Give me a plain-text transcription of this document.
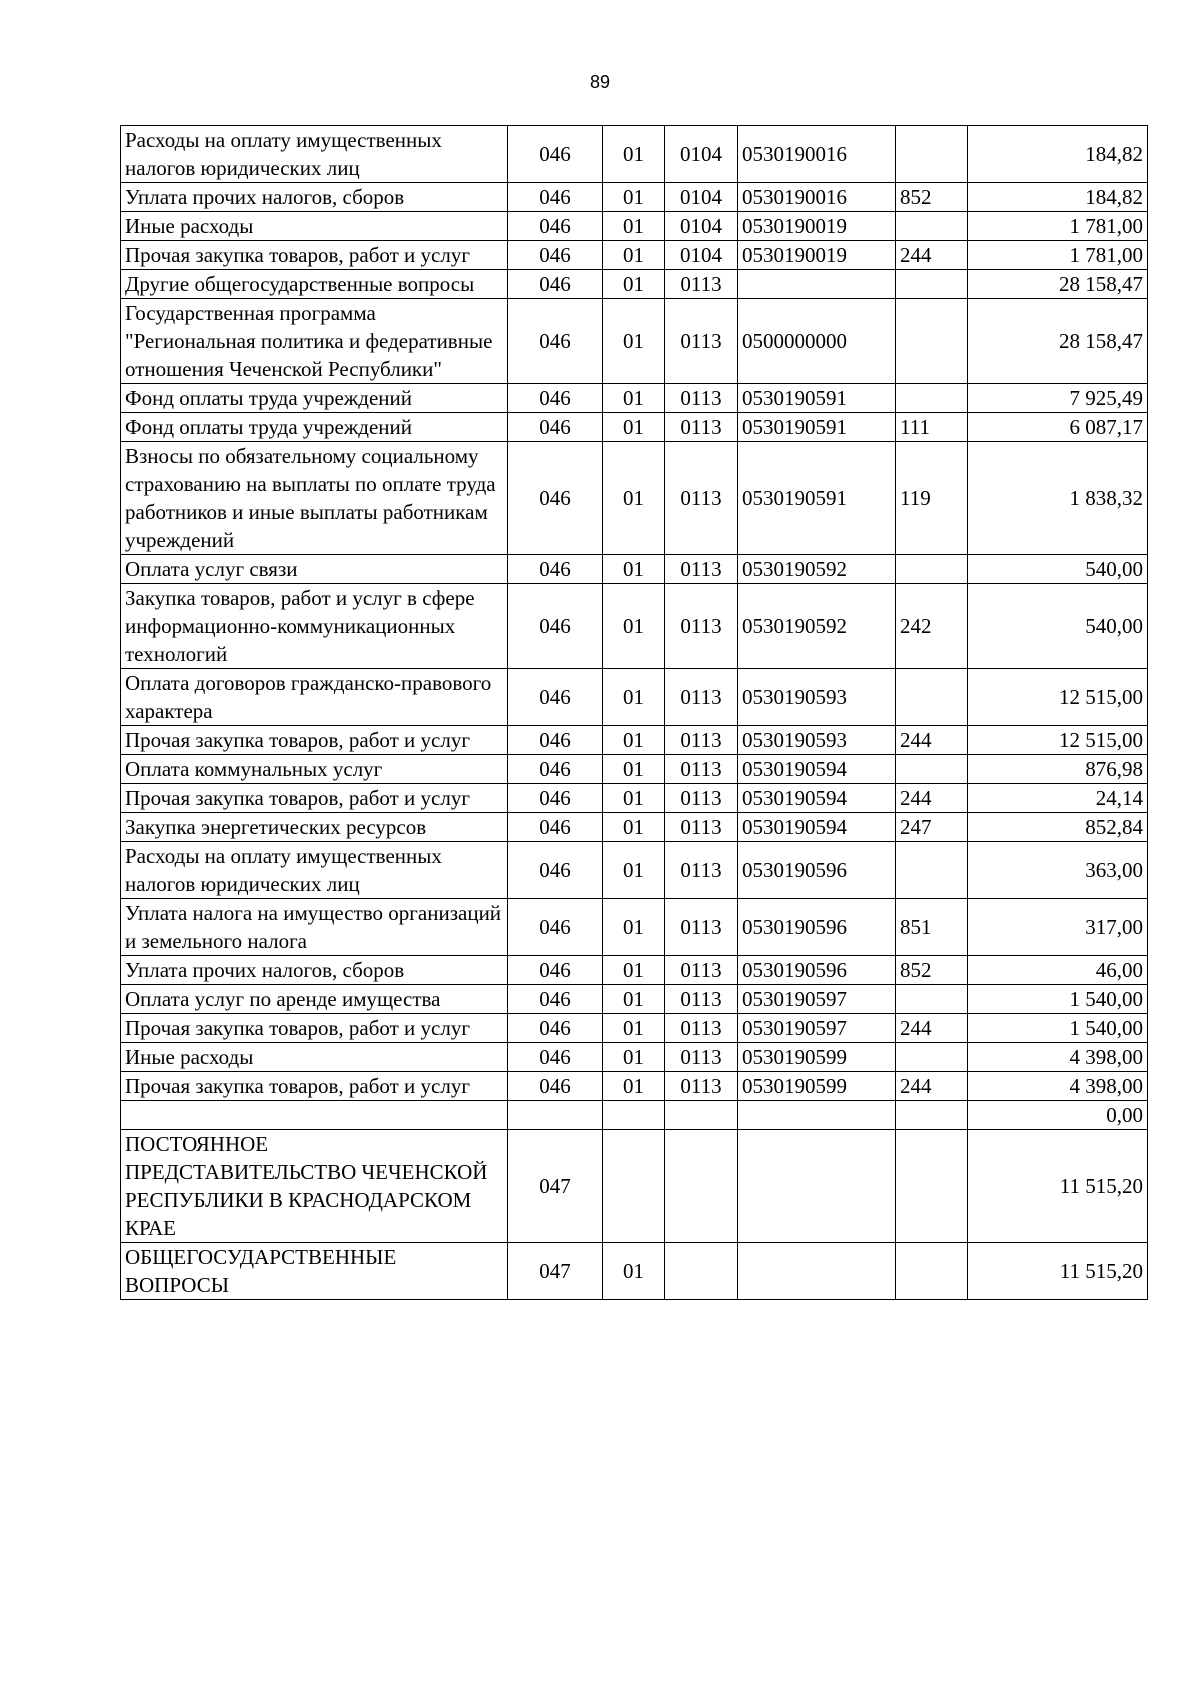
89
Расходы на оплату имущественных налогов юридических лиц	046	01	0104	0530190016		184,82
Уплата прочих налогов, сборов	046	01	0104	0530190016	852	184,82
Иные расходы	046	01	0104	0530190019		1 781,00
Прочая закупка товаров, работ и услуг	046	01	0104	0530190019	244	1 781,00
Другие общегосударственные вопросы	046	01	0113			28 158,47
Государственная программа "Региональная политика и федеративные отношения Чеченской Республики"	046	01	0113	0500000000		28 158,47
Фонд оплаты труда учреждений	046	01	0113	0530190591		7 925,49
Фонд оплаты труда учреждений	046	01	0113	0530190591	111	6 087,17
Взносы по обязательному социальному страхованию на выплаты по оплате труда работников и иные выплаты работникам учреждений	046	01	0113	0530190591	119	1 838,32
Оплата услуг связи	046	01	0113	0530190592		540,00
Закупка товаров, работ и услуг в сфере информационно-коммуникационных технологий	046	01	0113	0530190592	242	540,00
Оплата договоров гражданско-правового характера	046	01	0113	0530190593		12 515,00
Прочая закупка товаров, работ и услуг	046	01	0113	0530190593	244	12 515,00
Оплата коммунальных услуг	046	01	0113	0530190594		876,98
Прочая закупка товаров, работ и услуг	046	01	0113	0530190594	244	24,14
Закупка энергетических ресурсов	046	01	0113	0530190594	247	852,84
Расходы на оплату имущественных налогов юридических лиц	046	01	0113	0530190596		363,00
Уплата налога на имущество организаций и земельного налога	046	01	0113	0530190596	851	317,00
Уплата прочих налогов, сборов	046	01	0113	0530190596	852	46,00
Оплата услуг по аренде имущества	046	01	0113	0530190597		1 540,00
Прочая закупка товаров, работ и услуг	046	01	0113	0530190597	244	1 540,00
Иные расходы	046	01	0113	0530190599		4 398,00
Прочая закупка товаров, работ и услуг	046	01	0113	0530190599	244	4 398,00
						0,00
ПОСТОЯННОЕ ПРЕДСТАВИТЕЛЬСТВО ЧЕЧЕНСКОЙ РЕСПУБЛИКИ В КРАСНОДАРСКОМ КРАЕ	047					11 515,20
ОБЩЕГОСУДАРСТВЕННЫЕ ВОПРОСЫ	047	01				11 515,20
